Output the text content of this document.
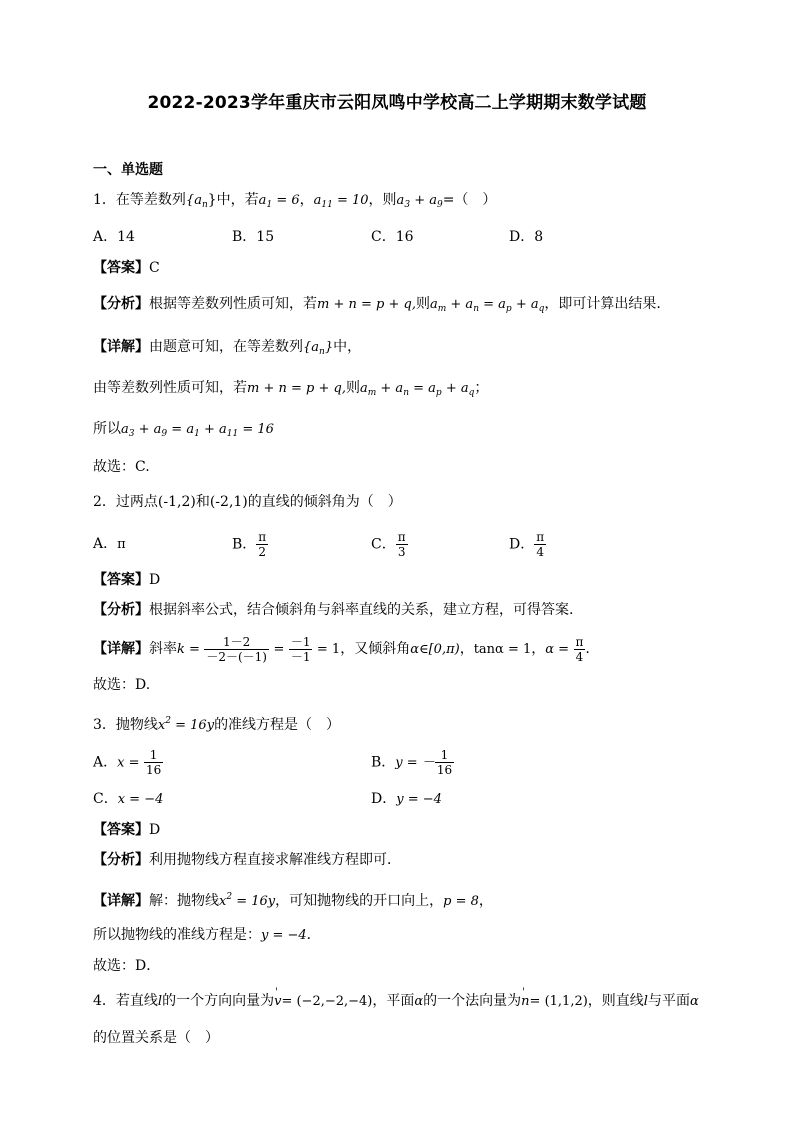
2022-2023学年重庆市云阳凤鸣中学校高二上学期期末数学试题
一、单选题
1．在等差数列$\{a_n\}$中，若$a_1 = 6$，$a_{11} = 10$，则$a_3 + a_9=$（　）
A．14	B．15	C．16	D．8
【答案】C
【分析】根据等差数列性质可知，若m + n = p + q,则$a_m + a_n = a_p + a_q$，即可计算出结果.
【详解】由题意可知，在等差数列$\{a_n\}$中，
由等差数列性质可知，若m + n = p + q,则$a_m + a_n = a_p + a_q$；
所以$a_3 + a_9 = a_1 + a_{11} = 16$
故选：C.
2．过两点(-1,2)和(-2,1)的直线的倾斜角为（　）
A．π	B． $\frac{\pi}{2}$	C． $\frac{\pi}{3}$	D． $\frac{\pi}{4}$
【答案】D
【分析】根据斜率公式，结合倾斜角与斜率直线的关系，建立方程，可得答案.
【详解】斜率$k = \frac{1-2}{-2-(-1)} = \frac{-1}{-1} = 1$，又倾斜角α∈[0,π)，tanα = 1，$\alpha = \frac{\pi}{4}$ .
故选：D.
3．抛物线$x^2 = 16y$的准线方程是（　）
A．$x = \frac{1}{16}$	B．y = － $\frac{1}{16}$
C．x = −4	D．y = −4
【答案】D
【分析】利用抛物线方程直接求解准线方程即可．
【详解】解：抛物线$x^2 = 16y$，可知抛物线的开口向上，p = 8，
所以抛物线的准线方程是：y = −4．
故选：D．
4．若直线l的一个方向向量为' v= (−2,−2,−4)，平面α的一个法向量为' n= (1,1,2)，则直线l与平面α
的位置关系是（　）
